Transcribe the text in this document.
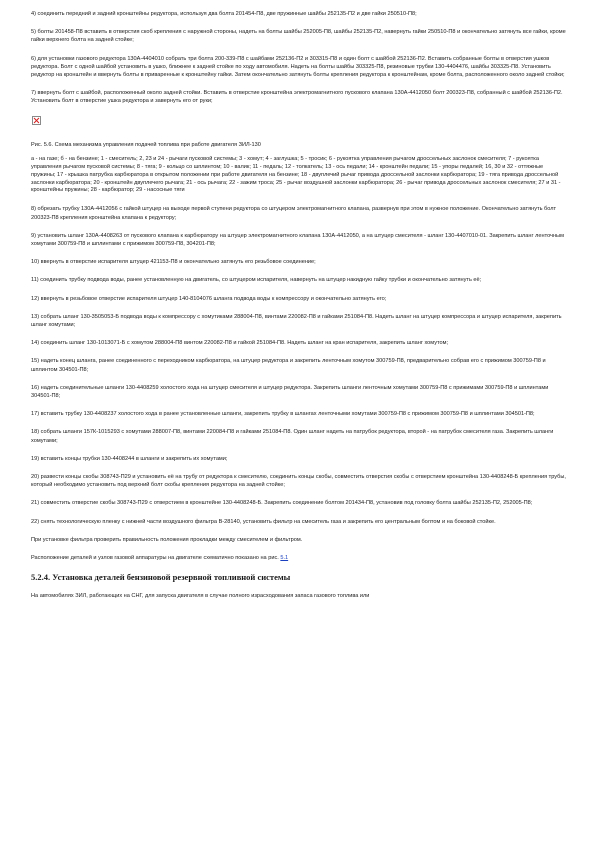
4) соединить передний и задний кронштейны редуктора, используя два болта 201454-П8, две пружинные шайбы 252135-П2 и две гайки 250510-П8;

5) болты 201458-П8 вставить в отверстия скоб крепления с наружной стороны, надеть на болты шайбы 252005-П8, шайбы 252135-П2, навернуть гайки 250510-П8 и окончательно затянуть все гайки, кроме гайки верхнего болта на задней стойке;

6) для установки газового редуктора 130А-4404010 собрать три болта 200-339-П8 с шайбами 252136-П2 и 303315-П8 и один болт с шайбой 252136-П2. Вставить собранные болты в отверстия ушков редуктора. Болт с одной шайбой установить в ушко, ближнее к задней стойке по ходу автомобиля. Надеть на болты шайбы 303325-П8, резиновые трубки 130-4404476, шайбы 303325-П8. Установить редуктор на кронштейн и ввернуть болты в приваренные к кронштейну гайки. Затем окончательно затянуть болты крепления редуктора к кронштейнам, кроме болта, расположенного около задней стойки;

7) ввернуть болт с шайбой, расположенный около задней стойки. Вставить в отверстие кронштейна электромагнитного пускового клапана 130А-4412050 болт 200323-П8, собранный с шайбой 252136-П2. Установить болт в отверстие ушка редуктора и завернуть его от руки;

Рис. 5.6. Схема механизма управления подачей топлива при работе двигателя ЗИЛ-130

а - на газе; б - на бензине; 1 - смеситель; 2, 23 и 24 - рычаги пусковой системы; 3 - хомут; 4 - заглушка; 5 - тросик; 6 - рукоятка управления рычагом дроссельных заслонок смесителя; 7 - рукоятка управления рычагом пусковой системы; 8 - тяга; 9 - кольцо со шплинтом; 10 - валик; 11 - педаль; 12 - толкатель; 13 - ось педали; 14 - кронштейн педали; 15 - упоры педалей; 16, 30 и 32 - оттяжные пружины; 17 - крышка патрубка карбюратора в открытом положении при работе двигателя на бензине; 18 - двуплечий рычаг привода дроссельной заслонки карбюратора; 19 - тяга привода дроссельной заслонки карбюратора; 20 - кронштейн двуплечего рычага; 21 - ось рычага; 22 - зажим троса; 25 - рычаг воздушной заслонки карбюратора; 26 - рычаг привода дроссельных заслонок смесителя; 27 и 31 - кронштейны пружины; 28 - карбюратор; 29 - насосные тяги

8) обрезать трубку 130А-4412056 с гайкой штуцер на выходе первой ступени редуктора со штуцером электромагнитного клапана, развернув при этом в нужное положение. Окончательно затянуть болт 200323-П8 крепления кронштейна клапана к редуктору;

9) установить шланг 130А-4408263 от пускового клапана к карбюратору на штуцер электромагнитного клапана 130А-4412050, а на штуцер смесителя - шланг 130-4407010-01. Закрепить шланг ленточным хомутами 300759-П8 и шплинтами с прижимом 300759-П8, 304201-П8;

10) ввернуть в отверстие испарителя штуцер 421153-П8 и окончательно затянуть его резьбовое соединение;

11) соединить трубку подвода воды, ранее установленную на двигатель, со штуцером испарителя, навернуть на штуцер накидную гайку трубки и окончательно затянуть её;

12) ввернуть в резьбовое отверстие испарителя штуцер 140-8104076 шланга подвода воды к компрессору и окончательно затянуть его;

13) собрать шланг 130-3505053-Б подвода воды к компрессору с хомутиками 288004-П8, винтами 220082-П8 и гайками 251084-П8. Надеть шланг на штуцер компрессора и штуцер испарителя, закрепить шланг хомутами;

14) соединить шланг 130-1013071-Б с хомутом 288004-П8 винтом 220082-П8 и гайкой 251084-П8. Надеть шланг на кран испарителя, закрепить шланг хомутом;

15) надеть конец шланга, ранее соединенного с переходником карбюратора, на штуцер редуктора и закрепить ленточным хомутом 300759-П8, предварительно собрав его с прижимом 300759-П8 и шплинтом 304501-П8;

16) надеть соединительные шланги 130-4408259 холостого хода на штуцер смесителя и штуцер редуктора. Закрепить шланги ленточным хомутами 300759-П8 с прижимами 300759-П8 и шплинтами 304501-П8;

17) вставить трубку 130-4408237 холостого хода в ранее установленные шланги, закрепить трубку в шлангах ленточными хомутами 300759-П8 с прижимом 300759-П8 и шплинтами 304501-П8;

18) собрать шланги 157К-1015293 с хомутами 288007-П8, винтами 220084-П8 и гайками 251084-П8. Один шланг надеть на патрубок редуктора, второй - на патрубок смесителя газа. Закрепить шланги хомутами;

19) вставить концы трубки 130-4408244 в шланги и закрепить их хомутами;

20) развести концы скобы 308743-П29 и установить её на трубу от редуктора к смесителю, соединить концы скобы, совместить отверстия скобы с отверстием кронштейна 130-4408248-Б крепления трубы, который необходимо установить под верхний болт скобы крепления редуктора на задней стойке;

21) совместить отверстие скобы 308743-П29 с отверстием в кронштейне 130-4408248-Б. Закрепить соединение болтом 201434-П8, установив под головку болта шайбы 252135-П2, 252005-П8;

22) снять технологическую пленку с нижней части воздушного фильтра В-28140, установить фильтр на смеситель газа и закрепить его центральным болтом и на боковой стойке.

При установке фильтра проверить правильность положения прокладки между смесителем и фильтром.

Расположение деталей и узлов газовой аппаратуры на двигателе схематично показано на рис. 5.1

5.2.4. Установка деталей бензиновой резервной топливной системы

На автомобилях ЗИЛ, работающих на СНГ, для запуска двигателя в случае полного израсходования запаса газового топлива или
